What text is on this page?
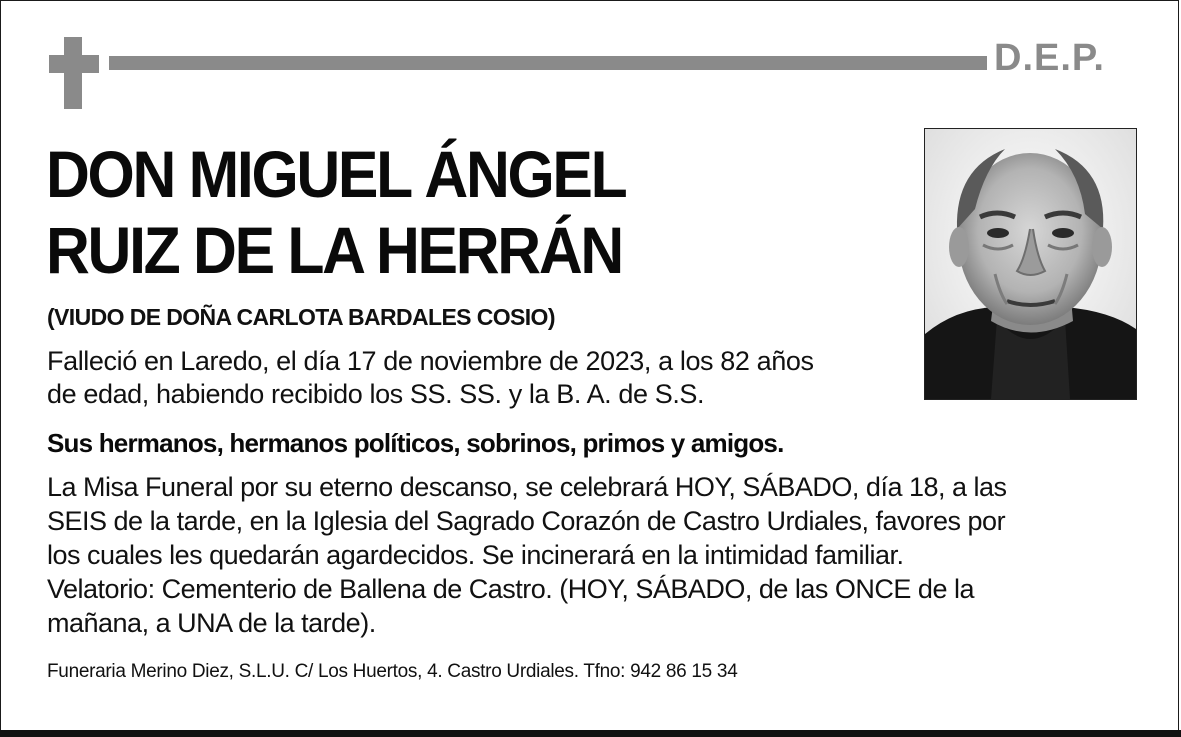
D.E.P.
DON MIGUEL ÁNGEL
RUIZ DE LA HERRÁN
(VIUDO DE DOÑA CARLOTA BARDALES COSIO)
Falleció en Laredo, el día 17 de noviembre de 2023, a los 82 años
de edad, habiendo recibido los SS. SS. y la B. A. de S.S.
Sus hermanos, hermanos políticos, sobrinos, primos y amigos.
La Misa Funeral por su eterno descanso, se celebrará HOY, SÁBADO, día 18, a las
SEIS de la tarde, en la Iglesia del Sagrado Corazón de Castro Urdiales, favores por
los cuales les quedarán agardecidos. Se incinerará en la intimidad familiar.
Velatorio: Cementerio de Ballena de Castro. (HOY, SÁBADO, de las ONCE de la
mañana, a UNA de la tarde).
Funeraria Merino Diez, S.L.U. C/ Los Huertos, 4. Castro Urdiales. Tfno: 942 86 15 34
